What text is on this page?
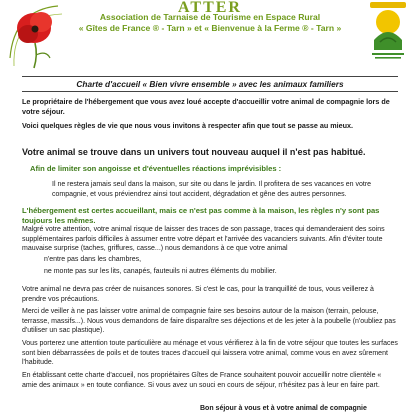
ATTER
Association de Tarnaise de Tourisme en Espace Rural
« Gîtes de France ® - Tarn » et « Bienvenue à la Ferme ® - Tarn »
Charte d'accueil « Bien vivre ensemble » avec les animaux familiers

Le propriétaire de l'hébergement que vous avez loué accepte d'accueillir votre animal de compagnie lors de votre séjour.

Voici quelques règles de vie que nous vous invitons à respecter afin que tout se passe au mieux.

Votre animal se trouve dans un univers tout nouveau auquel il n'est pas habitué.
Afin de limiter son angoisse et d'éventuelles réactions imprévisibles :

Il ne restera jamais seul dans la maison, sur site ou dans le jardin. Il profitera de ses vacances en votre compagnie, et vous préviendrez ainsi tout accident, dégradation et gêne des autres personnes.

L'hébergement est certes accueillant, mais ce n'est pas comme à la maison, les règles n'y sont pas toujours les mêmes.

Malgré votre attention, votre animal risque de laisser des traces de son passage, traces qui demanderaient des soins supplémentaires parfois difficiles à assumer entre votre départ et l'arrivée des vacanciers suivants. Afin d'éviter toute mauvaise surprise (taches, griffures, casse...) nous demandons à ce que votre animal

n'entre pas dans les chambres,

ne monte pas sur les lits, canapés, fauteuils ni autres éléments du mobilier.

Votre animal ne devra pas créer de nuisances sonores. Si c'est le cas, pour la tranquillité de tous, vous veillerez à prendre vos précautions.

Merci de veiller à ne pas laisser votre animal de compagnie faire ses besoins autour de la maison (terrain, pelouse, terrasse, massifs...). Nous vous demandons de faire disparaître ses déjections et de les jeter à la poubelle (n'oubliez pas d'utiliser un sac plastique).

Vous porterez une attention toute particulière au ménage et vous vérifierez à la fin de votre séjour que toutes les surfaces sont bien débarrassées de poils et de toutes traces d'accueil qui laissera votre animal, comme vous en avez sûrement l'habitude.

En établissant cette charte d'accueil, nos propriétaires Gîtes de France souhaitent pouvoir accueillir notre clientèle « amie des animaux » en toute confiance. Si vous avez un souci en cours de séjour, n'hésitez pas à leur en faire part.

Bon séjour à vous et à votre animal de compagnie
